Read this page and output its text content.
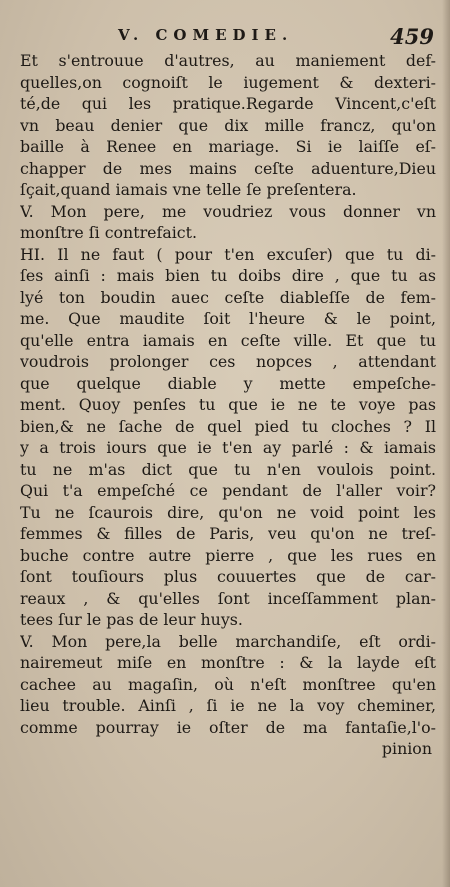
V. COMEDIE.	459
Et s'entrouue d'autres, au maniement def-
quelles,on cognoiſt le iugement & dexteri-
té,de qui les pratique.Regarde Vincent,c'eſt
vn beau denier que dix mille francz, qu'on
baille à Renee en mariage. Si ie laiſſe eſ-
chapper de mes mains ceſte aduenture,Dieu
ſçait,quand iamais vne telle ſe preſentera.
V. Mon pere, me voudriez vous donner vn
monſtre ſi contrefaict.
HI. Il ne faut ( pour t'en excuſer) que tu di-
ſes ainſi : mais bien tu doibs dire , que tu as
lyé ton boudin auec ceſte diableſſe de fem-
me. Que maudite ſoit l'heure & le point,
qu'elle entra iamais en ceſte ville. Et que tu
voudrois prolonger ces nopces , attendant
que quelque diable y mette empeſche-
ment. Quoy penſes tu que ie ne te voye pas
bien,& ne ſache de quel pied tu cloches ? Il
y a trois iours que ie t'en ay parlé : & iamais
tu ne m'as dict que tu n'en voulois point.
Qui t'a empeſché ce pendant de l'aller voir?
Tu ne ſcaurois dire, qu'on ne void point les
femmes & filles de Paris, veu qu'on ne treſ-
buche contre autre pierre , que les rues en
ſont touſiours plus couuertes que de car-
reaux , & qu'elles ſont inceſſamment plan-
tees ſur le pas de leur huys.
V. Mon pere,la belle marchandiſe, eſt ordi-
nairemeut miſe en monſtre : & la layde eſt
cachee au magaſin, où n'eſt monſtree qu'en
lieu trouble. Ainſi , ſi ie ne la voy cheminer,
comme pourray ie oſter de ma fantaſie,l'o-
pinion
